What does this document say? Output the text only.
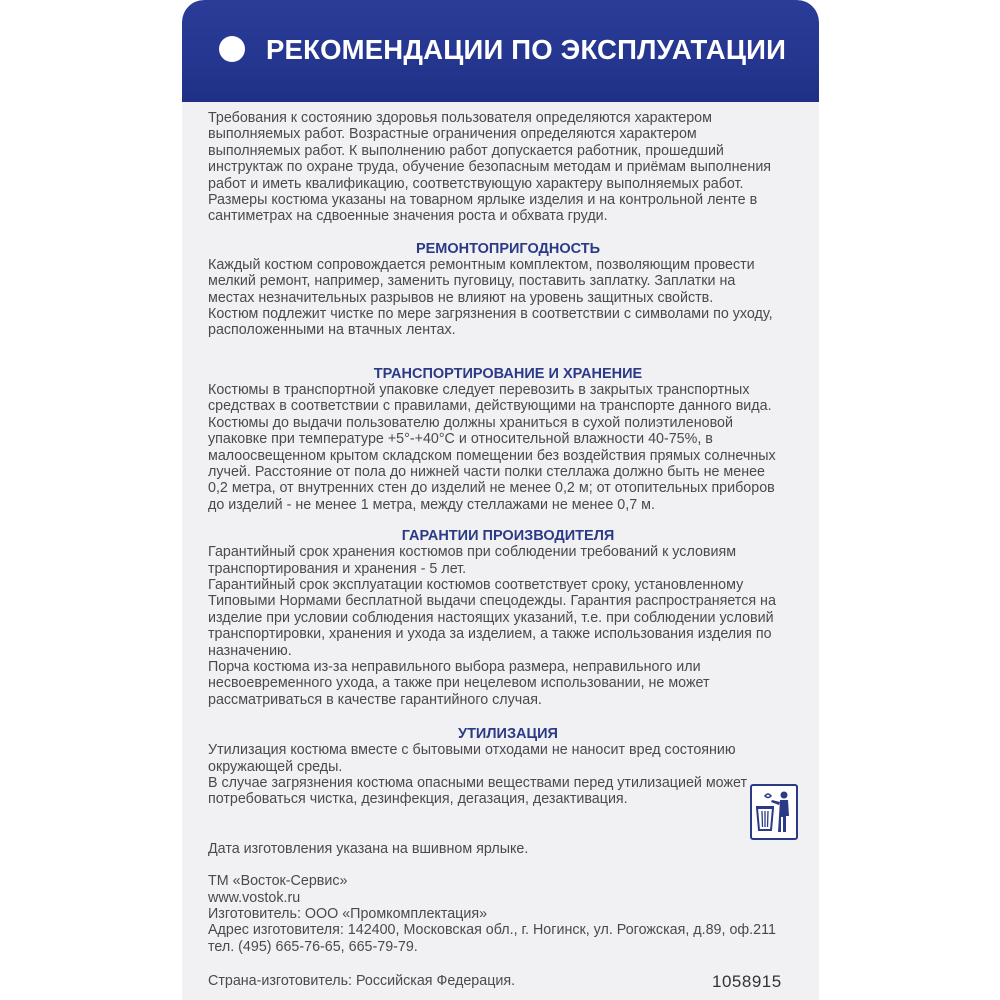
РЕКОМЕНДАЦИИ ПО ЭКСПЛУАТАЦИИ

Требования к состоянию здоровья пользователя определяются характером

выполняемых работ. Возрастные ограничения определяются характером

выполняемых работ. К выполнению работ допускается работник, прошедший

инструктаж по охране труда, обучение безопасным методам и приёмам выполнения

работ и иметь квалификацию, соответствующую характеру выполняемых работ.

Размеры костюма указаны на товарном ярлыке изделия и на контрольной ленте в

сантиметрах на сдвоенные значения роста и обхвата груди.

РЕМОНТОПРИГОДНОСТЬ

Каждый костюм сопровождается ремонтным комплектом, позволяющим провести

мелкий ремонт, например, заменить пуговицу, поставить заплатку. Заплатки на

местах незначительных разрывов не влияют на уровень защитных свойств.

Костюм подлежит чистке по мере загрязнения в соответствии с символами по уходу,

расположенными на втачных лентах.

ТРАНСПОРТИРОВАНИЕ И ХРАНЕНИЕ

Костюмы в транспортной упаковке следует перевозить в закрытых транспортных

средствах в соответствии с правилами, действующими на транспорте данного вида.

Костюмы до выдачи пользователю должны храниться в сухой полиэтиленовой

упаковке при температуре +5°-+40°С и относительной влажности 40-75%, в

малоосвещенном крытом складском помещении без воздействия прямых солнечных

лучей. Расстояние от пола до нижней части полки стеллажа должно быть не менее

0,2 метра, от внутренних стен до изделий не менее 0,2 м; от отопительных приборов

до изделий - не менее 1 метра, между стеллажами не менее 0,7 м.

ГАРАНТИИ ПРОИЗВОДИТЕЛЯ

Гарантийный срок хранения костюмов при соблюдении требований к условиям

транспортирования и хранения - 5 лет.

Гарантийный срок эксплуатации костюмов соответствует сроку, установленному

Типовыми Нормами бесплатной выдачи спецодежды. Гарантия распространяется на

изделие при условии соблюдения настоящих указаний, т.е. при соблюдении условий

транспортировки, хранения и ухода за изделием, а также использования изделия по

назначению.

Порча костюма из-за неправильного выбора размера, неправильного или

несвоевременного ухода, а также при нецелевом использовании, не может

рассматриваться в качестве гарантийного случая.

УТИЛИЗАЦИЯ

Утилизация костюма вместе с бытовыми отходами не наносит вред состоянию

окружающей среды.

В случае загрязнения костюма опасными веществами перед утилизацией может

потребоваться чистка, дезинфекция, дегазация, дезактивация.

Дата изготовления указана на вшивном ярлыке.

ТМ «Восток-Сервис»

www.vostok.ru

Изготовитель: ООО «Промкомплектация»

Адрес изготовителя: 142400, Московская обл., г. Ногинск, ул. Рогожская, д.89, оф.211

тел. (495) 665-76-65, 665-79-79.

Страна-изготовитель: Российская Федерация.	1058915
